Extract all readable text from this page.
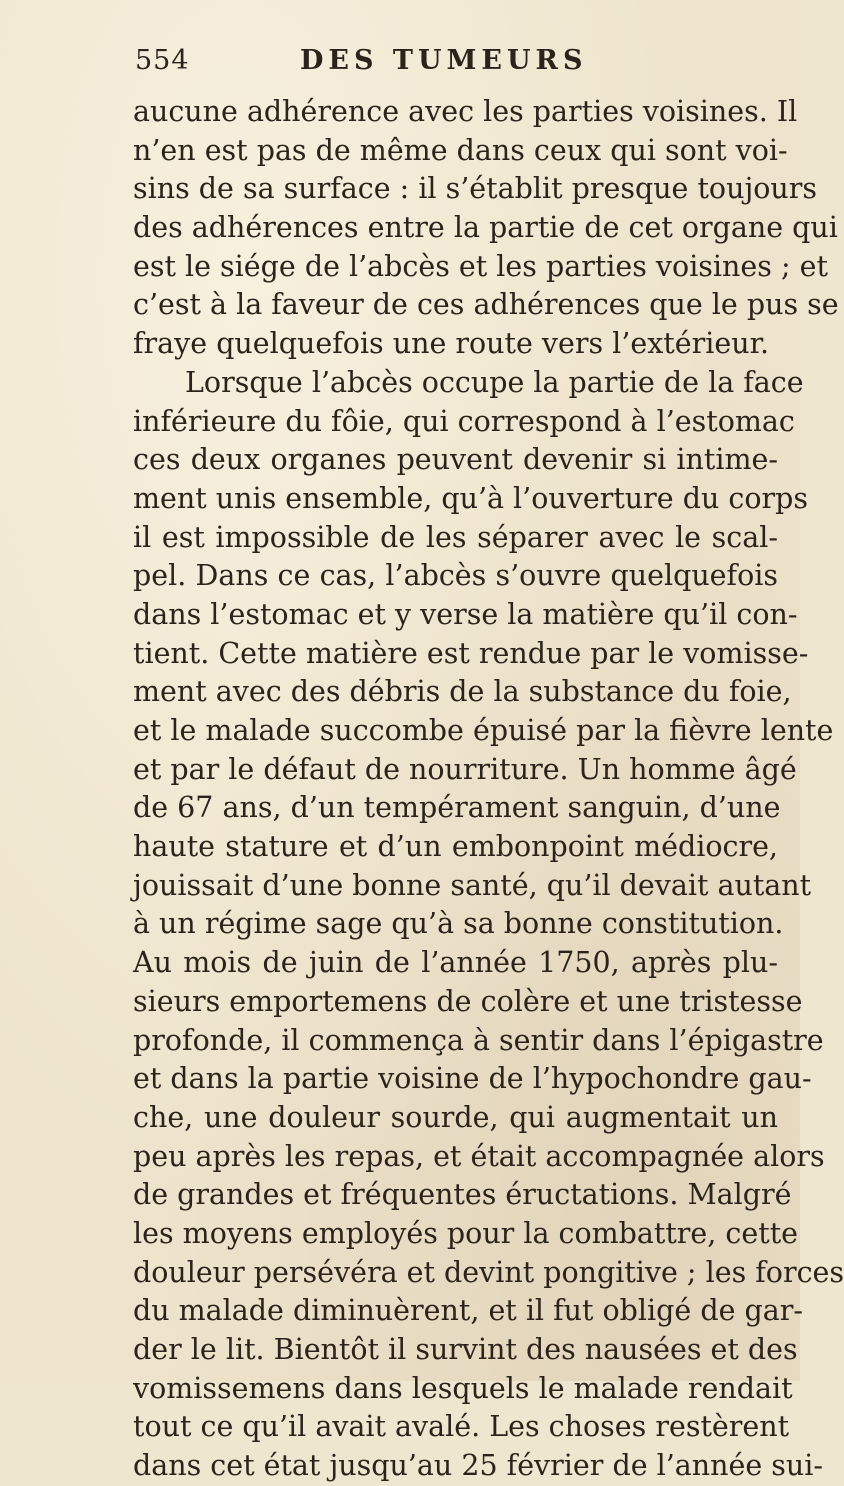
554	DES TUMEURS
aucune adhérence avec les parties voisines. Il
n’en est pas de même dans ceux qui sont voi-
sins de sa surface : il s’établit presque toujours
des adhérences entre la partie de cet organe qui
est le siége de l’abcès et les parties voisines ; et
c’est à la faveur de ces adhérences que le pus se
fraye quelquefois une route vers l’extérieur.
Lorsque l’abcès occupe la partie de la face
inférieure du fôie, qui correspond à l’estomac
ces deux organes peuvent devenir si intime-
ment unis ensemble, qu’à l’ouverture du corps
il est impossible de les séparer avec le scal-
pel. Dans ce cas, l’abcès s’ouvre quelquefois
dans l’estomac et y verse la matière qu’il con-
tient. Cette matière est rendue par le vomisse-
ment avec des débris de la substance du foie,
et le malade succombe épuisé par la fièvre lente
et par le défaut de nourriture. Un homme âgé
de 67 ans, d’un tempérament sanguin, d’une
haute stature et d’un embonpoint médiocre,
jouissait d’une bonne santé, qu’il devait autant
à un régime sage qu’à sa bonne constitution.
Au mois de juin de l’année 1750, après plu-
sieurs emportemens de colère et une tristesse
profonde, il commença à sentir dans l’épigastre
et dans la partie voisine de l’hypochondre gau-
che, une douleur sourde, qui augmentait un
peu après les repas, et était accompagnée alors
de grandes et fréquentes éructations. Malgré
les moyens employés pour la combattre, cette
douleur persévéra et devint pongitive ; les forces
du malade diminuèrent, et il fut obligé de gar-
der le lit. Bientôt il survint des nausées et des
vomissemens dans lesquels le malade rendait
tout ce qu’il avait avalé. Les choses restèrent
dans cet état jusqu’au 25 février de l’année sui-
